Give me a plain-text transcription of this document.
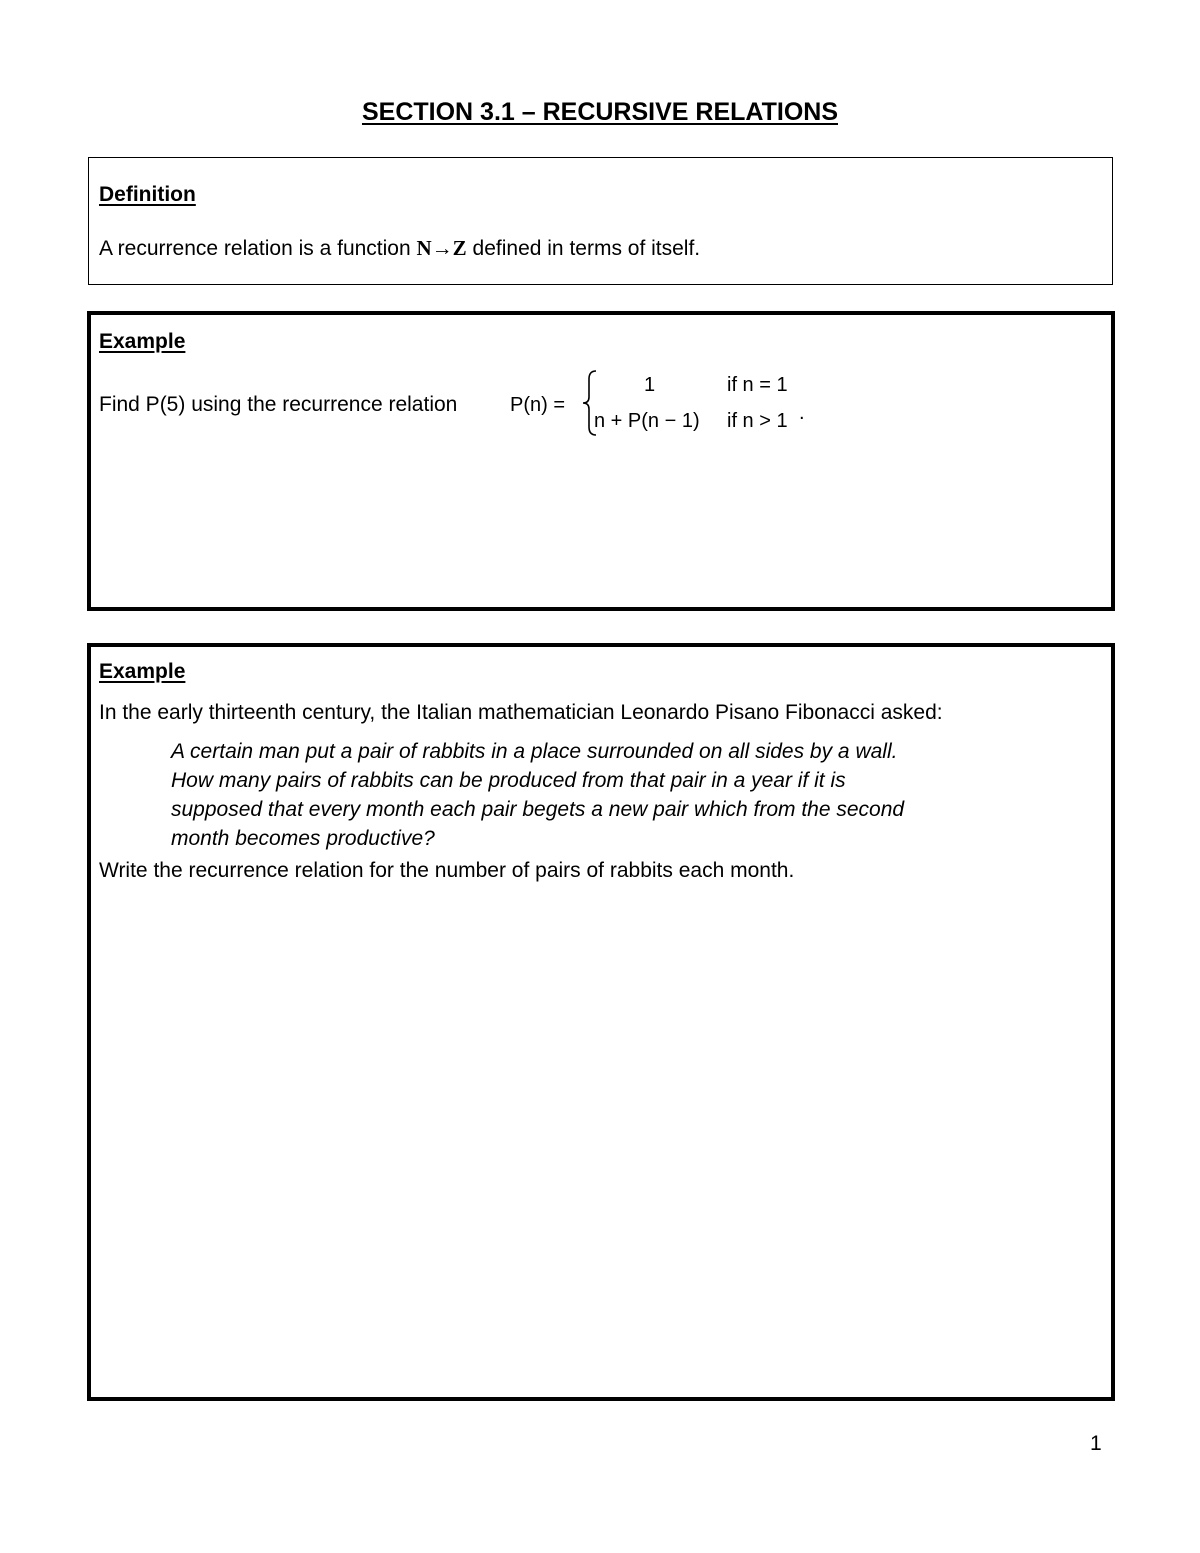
SECTION 3.1 – RECURSIVE RELATIONS
Definition
A recurrence relation is a function N→Z defined in terms of itself.
Example
Find P(5) using the recurrence relation	P(n) =
1	if n = 1
n + P(n − 1) if n > 1 .
Example
In the early thirteenth century, the Italian mathematician Leonardo Pisano Fibonacci asked:
A certain man put a pair of rabbits in a place surrounded on all sides by a wall.
How many pairs of rabbits can be produced from that pair in a year if it is
supposed that every month each pair begets a new pair which from the second
month becomes productive?
Write the recurrence relation for the number of pairs of rabbits each month.
1
